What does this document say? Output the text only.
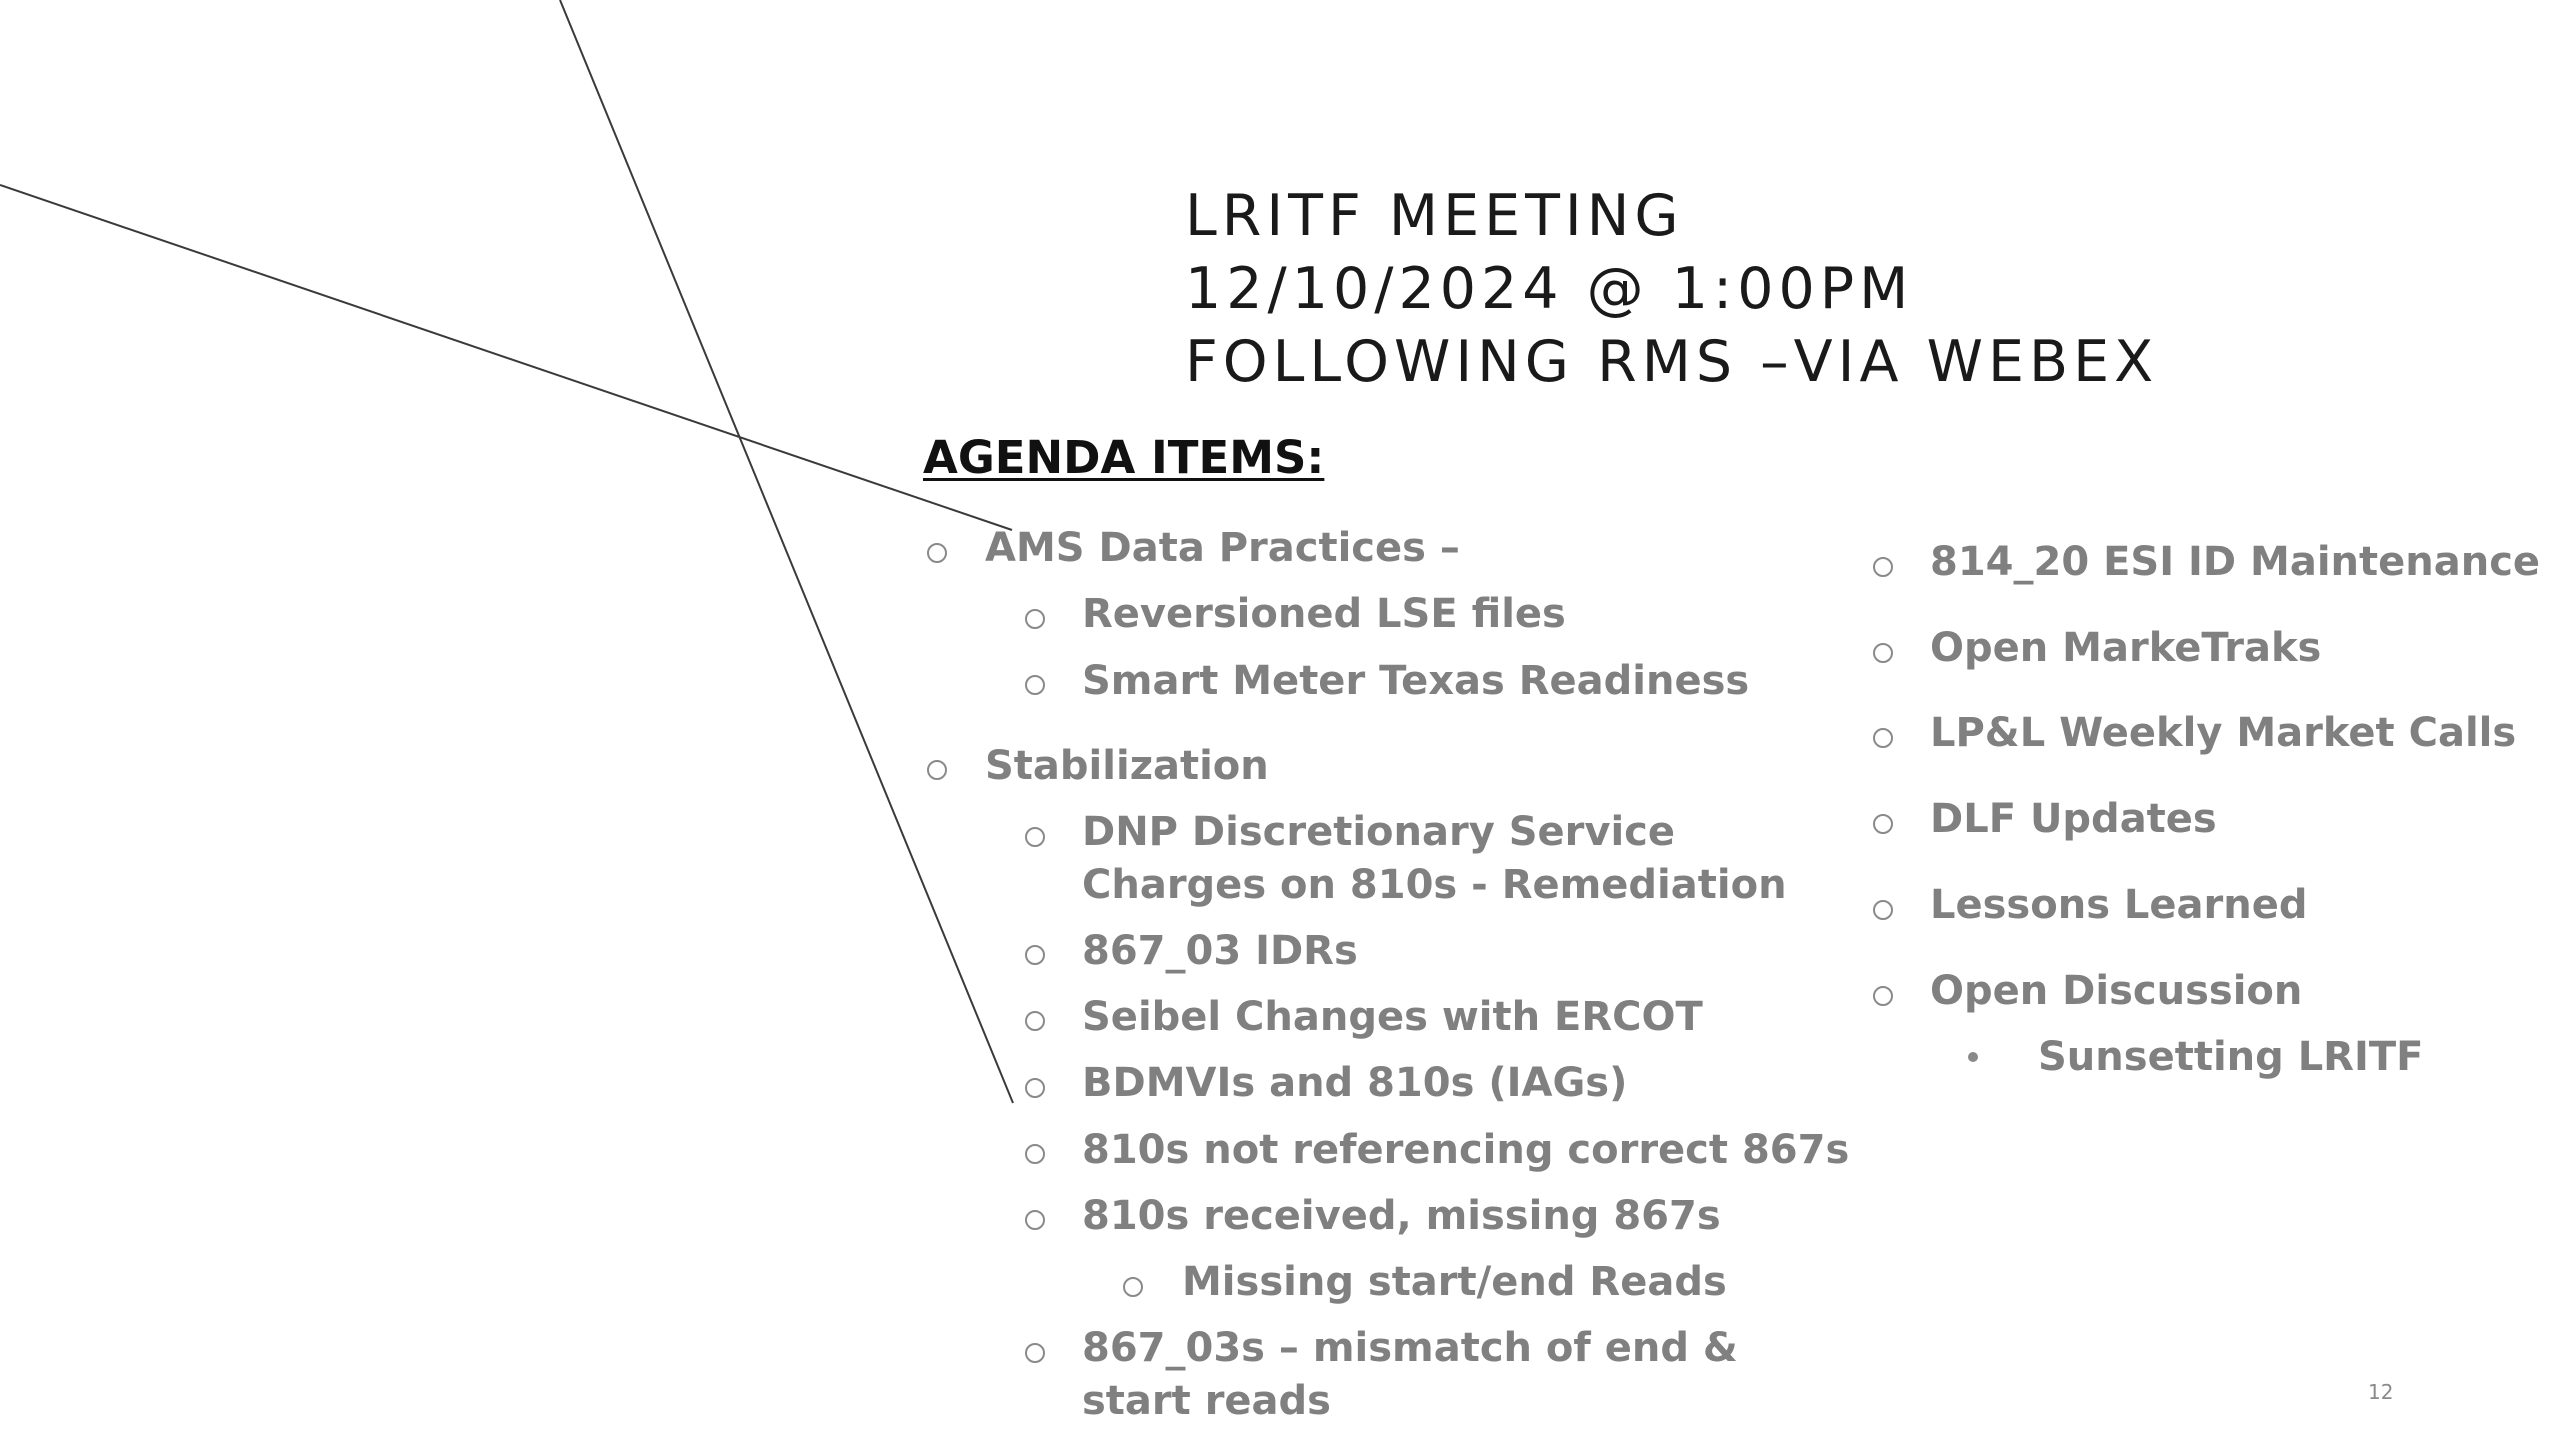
LRITF MEETING
12/10/2024 @ 1:00PM
FOLLOWING RMS –VIA WEBEX
AGENDA ITEMS:
AMS Data Practices –
Reversioned LSE files
Smart Meter Texas Readiness
Stabilization
DNP Discretionary Service
Charges on 810s - Remediation
867_03 IDRs
Seibel Changes with ERCOT
BDMVIs and 810s (IAGs)
810s not referencing correct 867s
810s received, missing 867s
Missing start/end Reads
867_03s – mismatch of end &
start reads
814_20 ESI ID Maintenance
Open MarkeTraks
LP&L Weekly Market Calls
DLF Updates
Lessons Learned
Open Discussion
Sunsetting LRITF
12
